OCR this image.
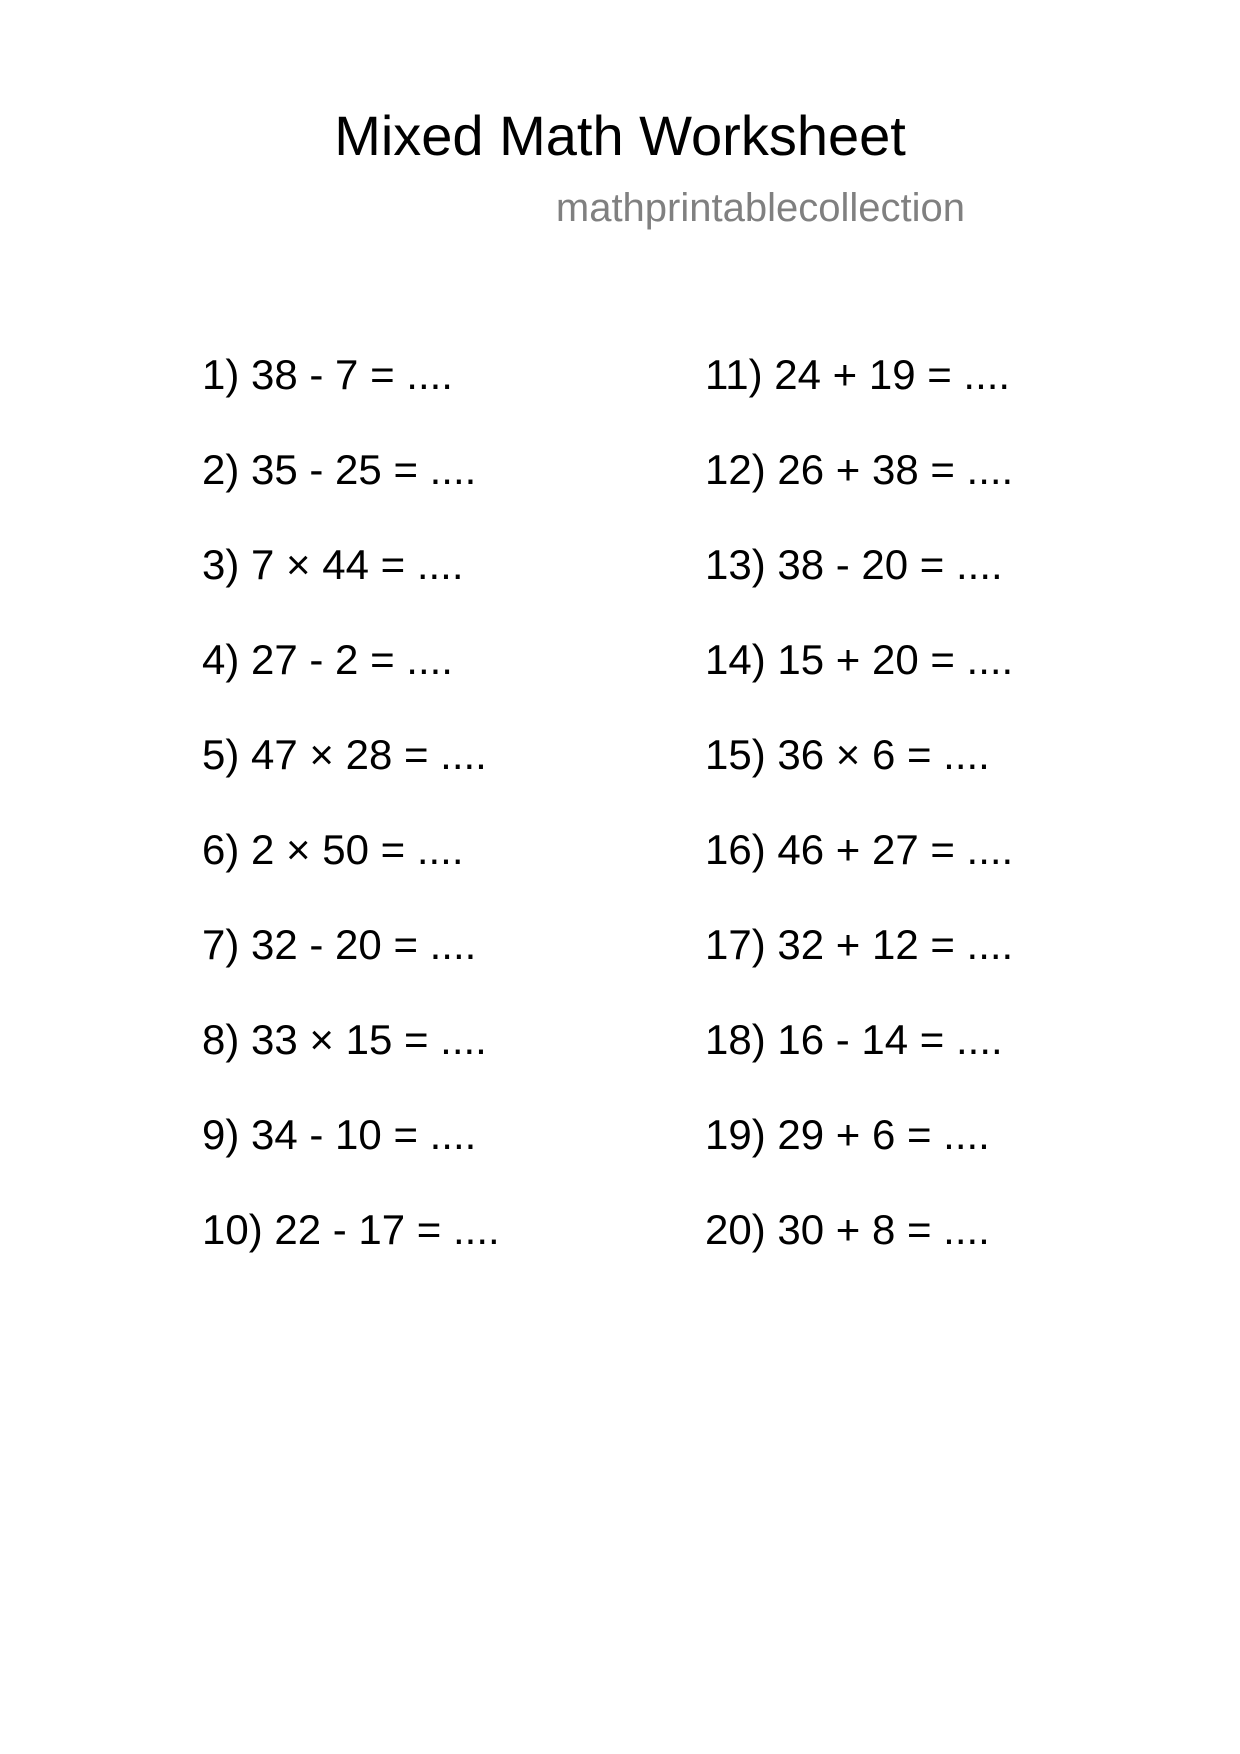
Mixed Math Worksheet
mathprintablecollection
1) 38 - 7 = ....
2) 35 - 25 = ....
3) 7 × 44 = ....
4) 27 - 2 = ....
5) 47 × 28 = ....
6) 2 × 50 = ....
7) 32 - 20 = ....
8) 33 × 15 = ....
9) 34 - 10 = ....
10) 22 - 17 = ....
11) 24 + 19 = ....
12) 26 + 38 = ....
13) 38 - 20 = ....
14) 15 + 20 = ....
15) 36 × 6 = ....
16) 46 + 27 = ....
17) 32 + 12 = ....
18) 16 - 14 = ....
19) 29 + 6 = ....
20) 30 + 8 = ....
